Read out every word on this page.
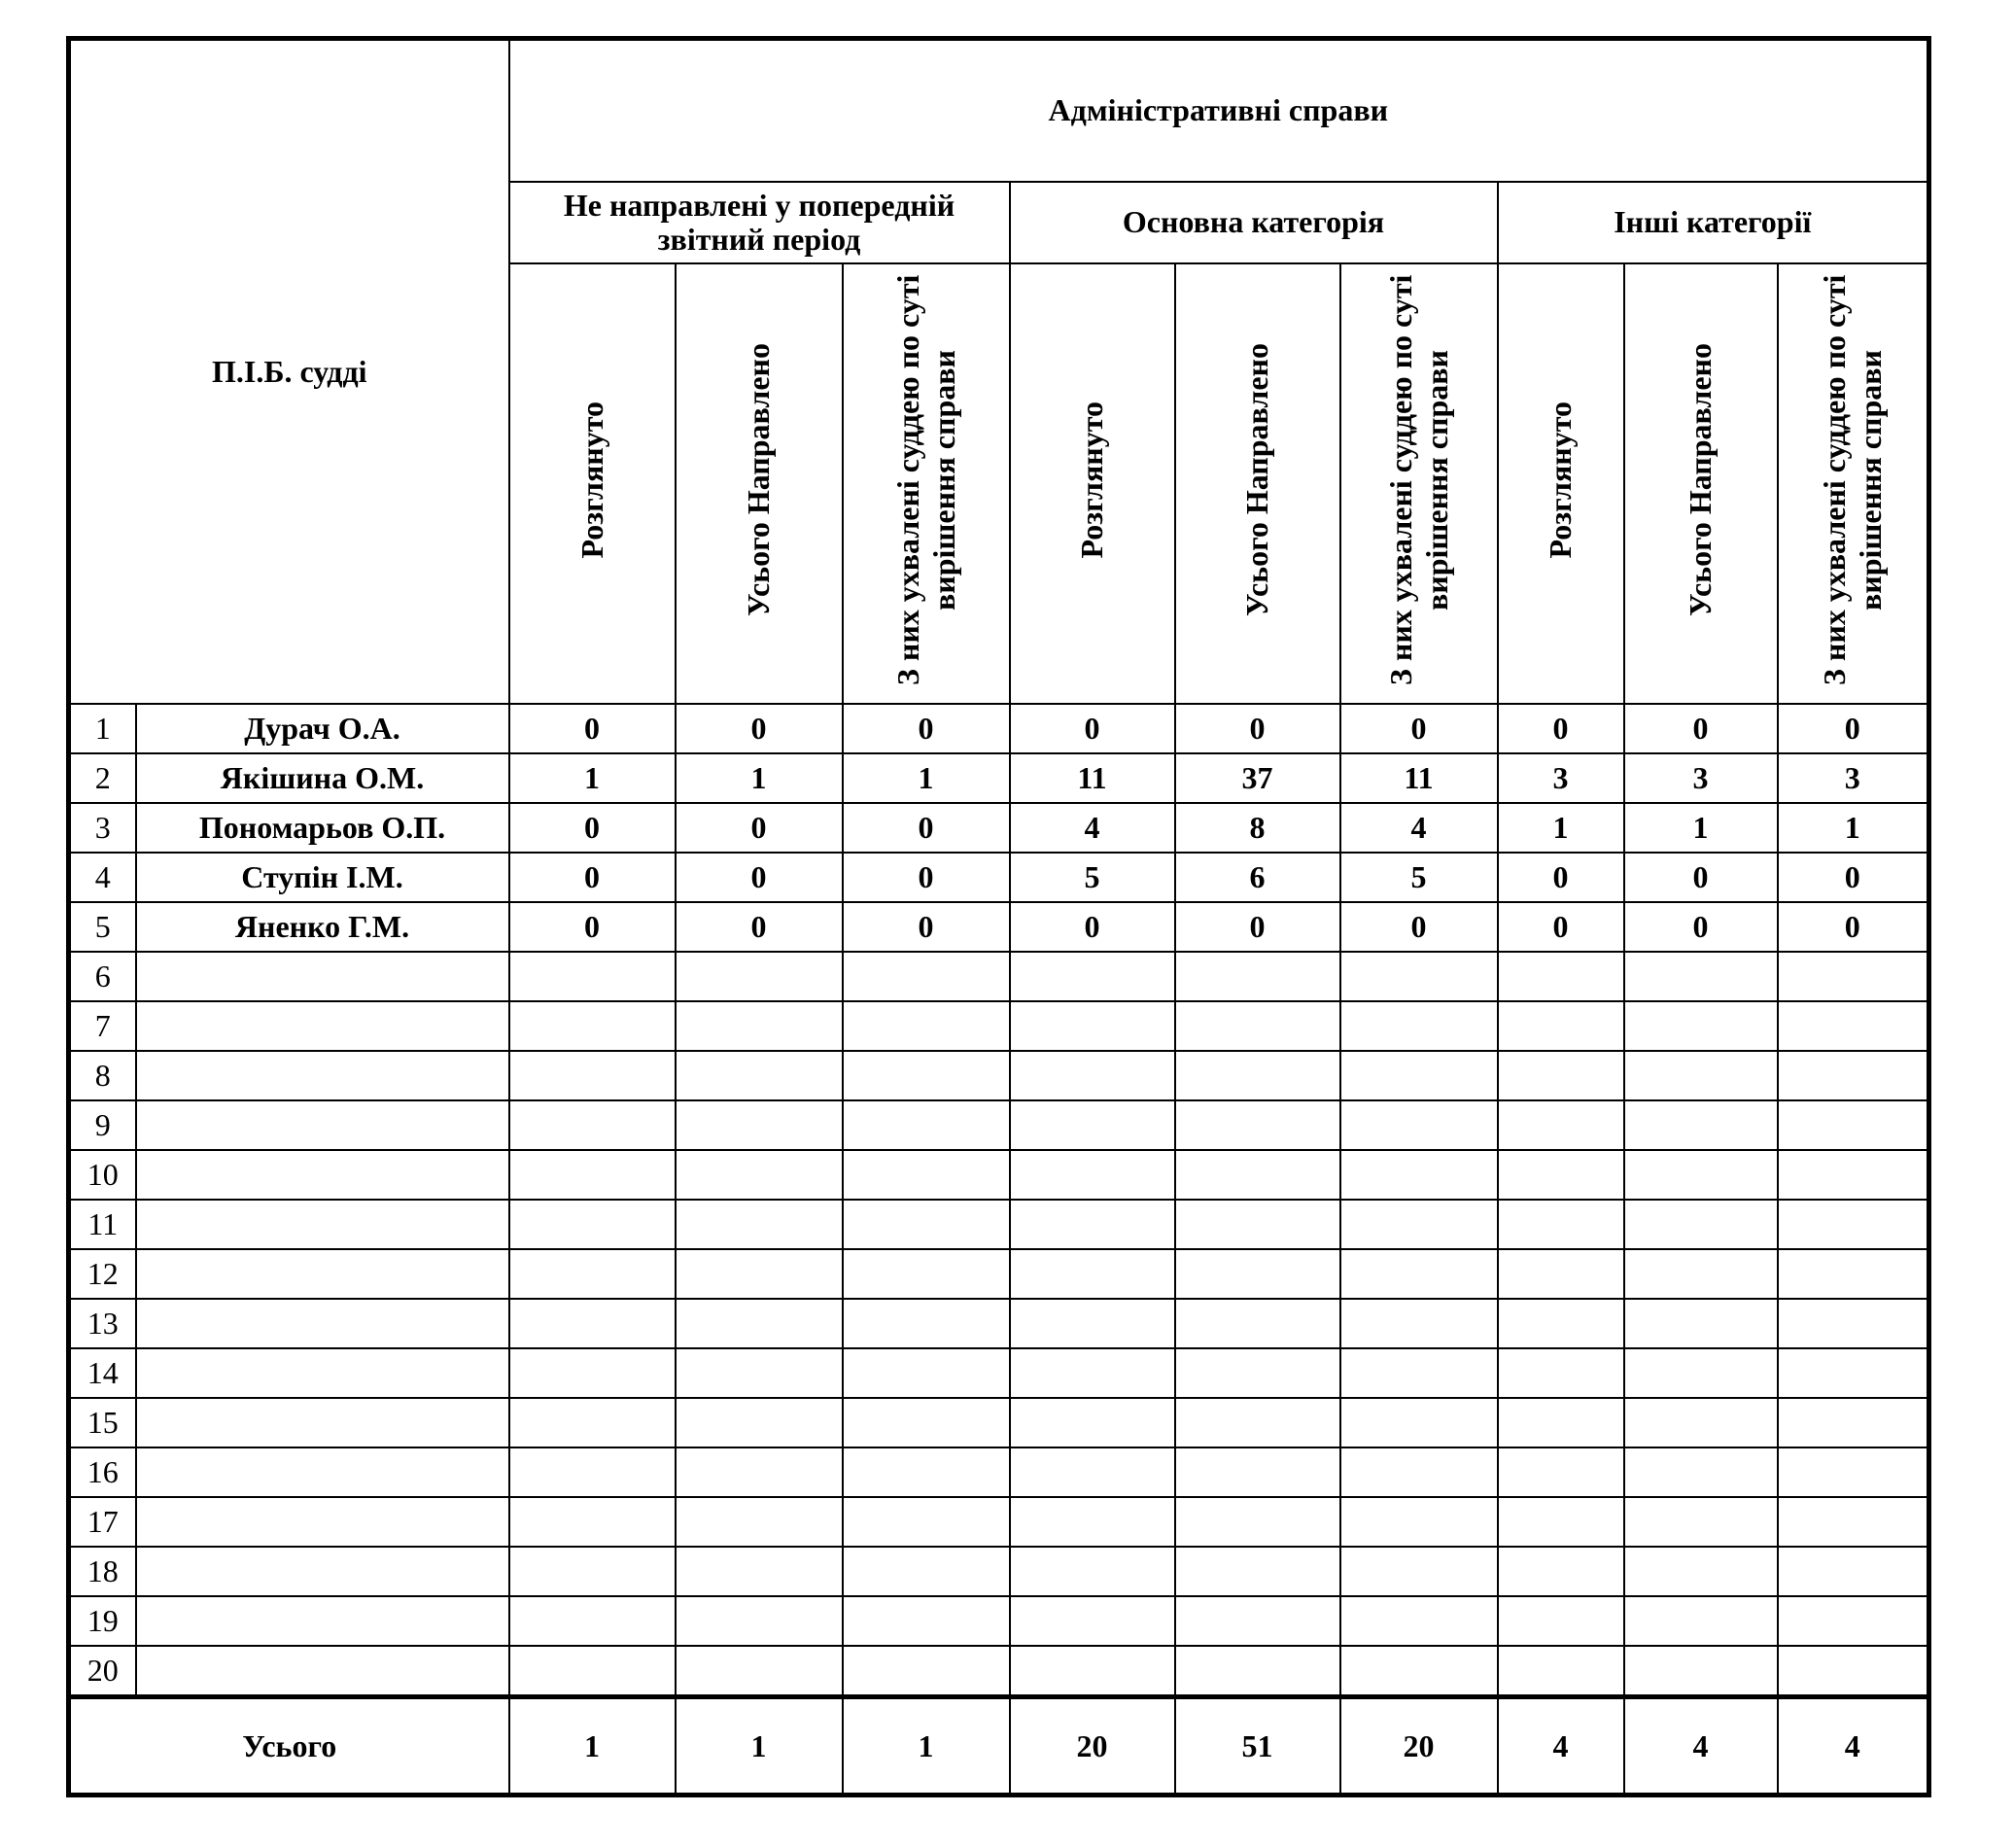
П.І.Б. судді		Адміністративні справи								
		Не направлені у попередній звітний період			Основна категорія			Інші категорії		
		Розглянуто	Усього Направлено	З них ухвалені суддею по суті вирішення справи	Розглянуто	Усього Направлено	З них ухвалені суддею по суті вирішення справи	Розглянуто	Усього Направлено	З них ухвалені суддею по суті вирішення справи
1	Дурач О.А.	0	0	0	0	0	0	0	0	0
2	Якішина О.М.	1	1	1	11	37	11	3	3	3
3	Пономарьов О.П.	0	0	0	4	8	4	1	1	1
4	Ступін І.М.	0	0	0	5	6	5	0	0	0
5	Яненко Г.М.	0	0	0	0	0	0	0	0	0
6										
7										
8										
9										
10										
11										
12										
13										
14										
15										
16										
17										
18										
19										
20										
Усього		1	1	1	20	51	20	4	4	4
